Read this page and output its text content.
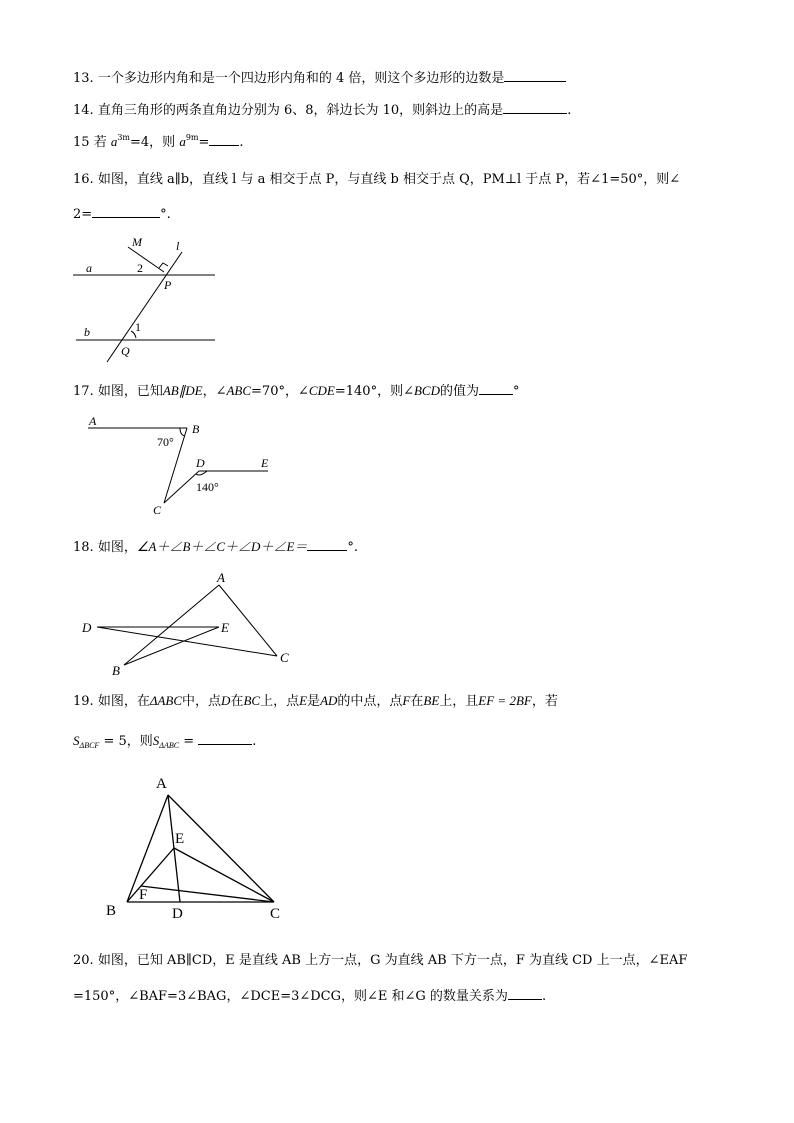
13. 一个多边形内角和是一个四边形内角和的 4 倍，则这个多边形的边数是
14. 直角三角形的两条直角边分别为 6、8，斜边长为 10，则斜边上的高是	.
15 若 $a^{3m}=4$，则 $a^{9m}=$ .
16. 如图，直线 a∥b，直线 l 与 a 相交于点 P，与直线 b 相交于点 Q，PM⊥l 于点 P，若∠1=50°，则∠
2=	°.
M	l
a	2
P
b	1
Q
17. 如图，已知AB∥DE，∠ABC=70°，∠CDE=140°，则∠BCD的值为	°
A
B
70°
D	E
140°
C
18. 如图，∠A＋∠B＋∠C＋∠D＋∠E＝	°.
A
D	E
B
C
19. 如图，在ΔABC中，点D在BC上，点E是AD的中点，点F在BE上，且EF = 2BF，若
$S_{\Delta BCF} = 5$，则$S_{\Delta ABC}$ =	.
A
E
F
B	D	C
20. 如图，已知 AB∥CD，E 是直线 AB 上方一点，G 为直线 AB 下方一点，F 为直线 CD 上一点，∠EAF
=150°，∠BAF=3∠BAG，∠DCE=3∠DCG，则∠E 和∠G 的数量关系为	.
